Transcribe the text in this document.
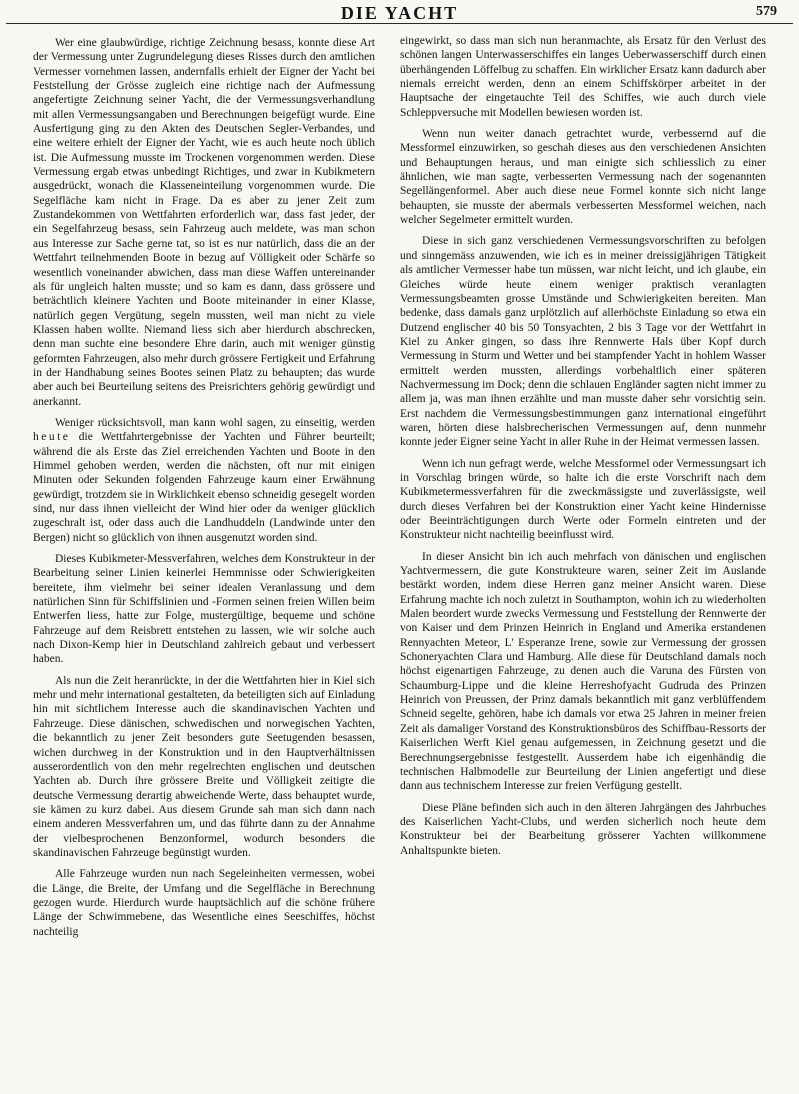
DIE YACHT	579

Wer eine glaubwürdige, richtige Zeichnung besass, konnte diese Art der Vermessung unter Zugrundelegung dieses Risses durch den amtlichen Vermesser vornehmen lassen, andernfalls erhielt der Eigner der Yacht bei Feststellung der Grösse zugleich eine richtige nach der Aufmessung angefertigte Zeichnung seiner Yacht, die der Vermessungsverhandlung mit allen Vermessungsangaben und Berechnungen beigefügt wurde. Eine Ausfertigung ging zu den Akten des Deutschen Segler-Verbandes, und eine weitere erhielt der Eigner der Yacht, wie es auch heute noch üblich ist. Die Aufmessung musste im Trockenen vorgenommen werden. Diese Vermessung ergab etwas unbedingt Richtiges, und zwar in Kubikmetern ausgedrückt, wonach die Klasseneinteilung vorgenommen wurde. Die Segelfläche kam nicht in Frage. Da es aber zu jener Zeit zum Zustandekommen von Wettfahrten erforderlich war, dass fast jeder, der ein Segelfahrzeug besass, sein Fahrzeug auch meldete, was man schon aus Interesse zur Sache gerne tat, so ist es nur natürlich, dass die an der Wettfahrt teilnehmenden Boote in bezug auf Völligkeit oder Schärfe so wesentlich voneinander abwichen, dass man diese Waffen untereinander als für ungleich halten musste; und so kam es dann, dass grössere und beträchtlich kleinere Yachten und Boote miteinander in einer Klasse, natürlich gegen Vergütung, segeln mussten, weil man nicht zu viele Klassen haben wollte. Niemand liess sich aber hierdurch abschrecken, denn man suchte eine besondere Ehre darin, auch mit weniger günstig geformten Fahrzeugen, also mehr durch grössere Fertigkeit und Erfahrung in der Handhabung seines Bootes seinen Platz zu behaupten; das wurde aber auch bei Beurteilung seitens des Preisrichters gehörig gewürdigt und anerkannt.

Weniger rücksichtsvoll, man kann wohl sagen, zu einseitig, werden heute die Wettfahrtergebnisse der Yachten und Führer beurteilt; während die als Erste das Ziel erreichenden Yachten und Boote in den Himmel gehoben werden, werden die nächsten, oft nur mit einigen Minuten oder Sekunden folgenden Fahrzeuge kaum einer Erwähnung gewürdigt, trotzdem sie in Wirklichkeit ebenso schneidig gesegelt worden sind, nur dass ihnen vielleicht der Wind hier oder da weniger glücklich zugeschralt ist, oder dass auch die Landhuddeln (Landwinde unter den Bergen) nicht so glücklich von ihnen ausgenutzt worden sind.

Dieses Kubikmeter-Messverfahren, welches dem Konstrukteur in der Bearbeitung seiner Linien keinerlei Hemmnisse oder Schwierigkeiten bereitete, ihm vielmehr bei seiner idealen Veranlassung und dem natürlichen Sinn für Schiffslinien und -Formen seinen freien Willen beim Entwerfen liess, hatte zur Folge, mustergültige, bequeme und schöne Fahrzeuge auf dem Reisbrett entstehen zu lassen, wie wir solche auch nach Dixon-Kemp hier in Deutschland zahlreich gebaut und verbessert haben.

Als nun die Zeit heranrückte, in der die Wettfahrten hier in Kiel sich mehr und mehr international gestalteten, da beteiligten sich auf Einladung hin mit sichtlichem Interesse auch die skandinavischen Yachten und Fahrzeuge. Diese dänischen, schwedischen und norwegischen Yachten, die bekanntlich zu jener Zeit besonders gute Seetugenden besassen, wichen durchweg in der Konstruktion und in den Hauptverhältnissen ausserordentlich von den mehr regelrechten englischen und deutschen Yachten ab. Durch ihre grössere Breite und Völligkeit zeitigte die deutsche Vermessung derartig abweichende Werte, dass behauptet wurde, sie kämen zu kurz dabei. Aus diesem Grunde sah man sich dann nach einem anderen Messverfahren um, und das führte dann zu der Annahme der vielbesprochenen Benzonformel, wodurch besonders die skandinavischen Fahrzeuge begünstigt wurden.

Alle Fahrzeuge wurden nun nach Segeleinheiten vermessen, wobei die Länge, die Breite, der Umfang und die Segelfläche in Berechnung gezogen wurde. Hierdurch wurde hauptsächlich auf die schöne frühere Länge der Schwimmebene, das Wesentliche eines Seeschiffes, höchst nachteilig

eingewirkt, so dass man sich nun heranmachte, als Ersatz für den Verlust des schönen langen Unterwasserschiffes ein langes Ueberwasserschiff durch einen überhängenden Löffelbug zu schaffen. Ein wirklicher Ersatz kann dadurch aber niemals erreicht werden, denn an einem Schiffskörper arbeitet in der Hauptsache der eingetauchte Teil des Schiffes, wie auch durch viele Schleppversuche mit Modellen bewiesen worden ist.

Wenn nun weiter danach getrachtet wurde, verbessernd auf die Messformel einzuwirken, so geschah dieses aus den verschiedenen Ansichten und Behauptungen heraus, und man einigte sich schliesslich zu einer ähnlichen, wie man sagte, verbesserten Vermessung nach der sogenannten Segellängenformel. Aber auch diese neue Formel konnte sich nicht lange behaupten, sie musste der abermals verbesserten Messformel weichen, nach welcher Segelmeter ermittelt wurden.

Diese in sich ganz verschiedenen Vermessungsvorschriften zu befolgen und sinngemäss anzuwenden, wie ich es in meiner dreissigjährigen Tätigkeit als amtlicher Vermesser habe tun müssen, war nicht leicht, und ich glaube, ein Gleiches würde heute einem weniger praktisch veranlagten Vermessungsbeamten grosse Umstände und Schwierigkeiten bereiten. Man bedenke, dass damals ganz urplötzlich auf allerhöchste Einladung so etwa ein Dutzend englischer 40 bis 50 Tonsyachten, 2 bis 3 Tage vor der Wettfahrt in Kiel zu Anker gingen, so dass ihre Rennwerte Hals über Kopf durch Vermessung in Sturm und Wetter und bei stampfender Yacht in hohlem Wasser ermittelt werden mussten, allerdings vorbehaltlich einer späteren Nachvermessung im Dock; denn die schlauen Engländer sagten nicht immer zu allem ja, was man ihnen erzählte und man musste daher sehr vorsichtig sein. Erst nachdem die Vermessungsbestimmungen ganz international eingeführt waren, hörten diese halsbrecherischen Vermessungen auf, denn nunmehr konnte jeder Eigner seine Yacht in aller Ruhe in der Heimat vermessen lassen.

Wenn ich nun gefragt werde, welche Messformel oder Vermessungsart ich in Vorschlag bringen würde, so halte ich die erste Vorschrift nach dem Kubikmetermessverfahren für die zweckmässigste und zuverlässigste, weil durch dieses Verfahren bei der Konstruktion einer Yacht keine Hindernisse oder Beeinträchtigungen durch Werte oder Formeln eintreten und der Konstrukteur nicht nachteilig beeinflusst wird.

In dieser Ansicht bin ich auch mehrfach von dänischen und englischen Yachtvermessern, die gute Konstrukteure waren, seiner Zeit im Auslande bestärkt worden, indem diese Herren ganz meiner Ansicht waren. Diese Erfahrung machte ich noch zuletzt in Southampton, wohin ich zu wiederholten Malen beordert wurde zwecks Vermessung und Feststellung der Rennwerte der von Kaiser und dem Prinzen Heinrich in England und Amerika erstandenen Rennyachten Meteor, L' Esperanze Irene, sowie zur Vermessung der grossen Schoneryachten Clara und Hamburg. Alle diese für Deutschland damals noch höchst eigenartigen Fahrzeuge, zu denen auch die Varuna des Fürsten von Schaumburg-Lippe und die kleine Herreshofyacht Gudruda des Prinzen Heinrich von Preussen, der Prinz damals bekanntlich mit ganz verblüffendem Schneid segelte, gehören, habe ich damals vor etwa 25 Jahren in meiner freien Zeit als damaliger Vorstand des Konstruktionsbüros des Schiffbau-Ressorts der Kaiserlichen Werft Kiel genau aufgemessen, in Zeichnung gesetzt und die Berechnungsergebnisse festgestellt. Ausserdem habe ich eigenhändig die technischen Halbmodelle zur Beurteilung der Linien angefertigt und diese dann aus technischem Interesse zur freien Verfügung gestellt.

Diese Pläne befinden sich auch in den älteren Jahrgängen des Jahrbuches des Kaiserlichen Yacht-Clubs, und werden sicherlich noch heute dem Konstrukteur bei der Bearbeitung grösserer Yachten willkommene Anhaltspunkte bieten.
